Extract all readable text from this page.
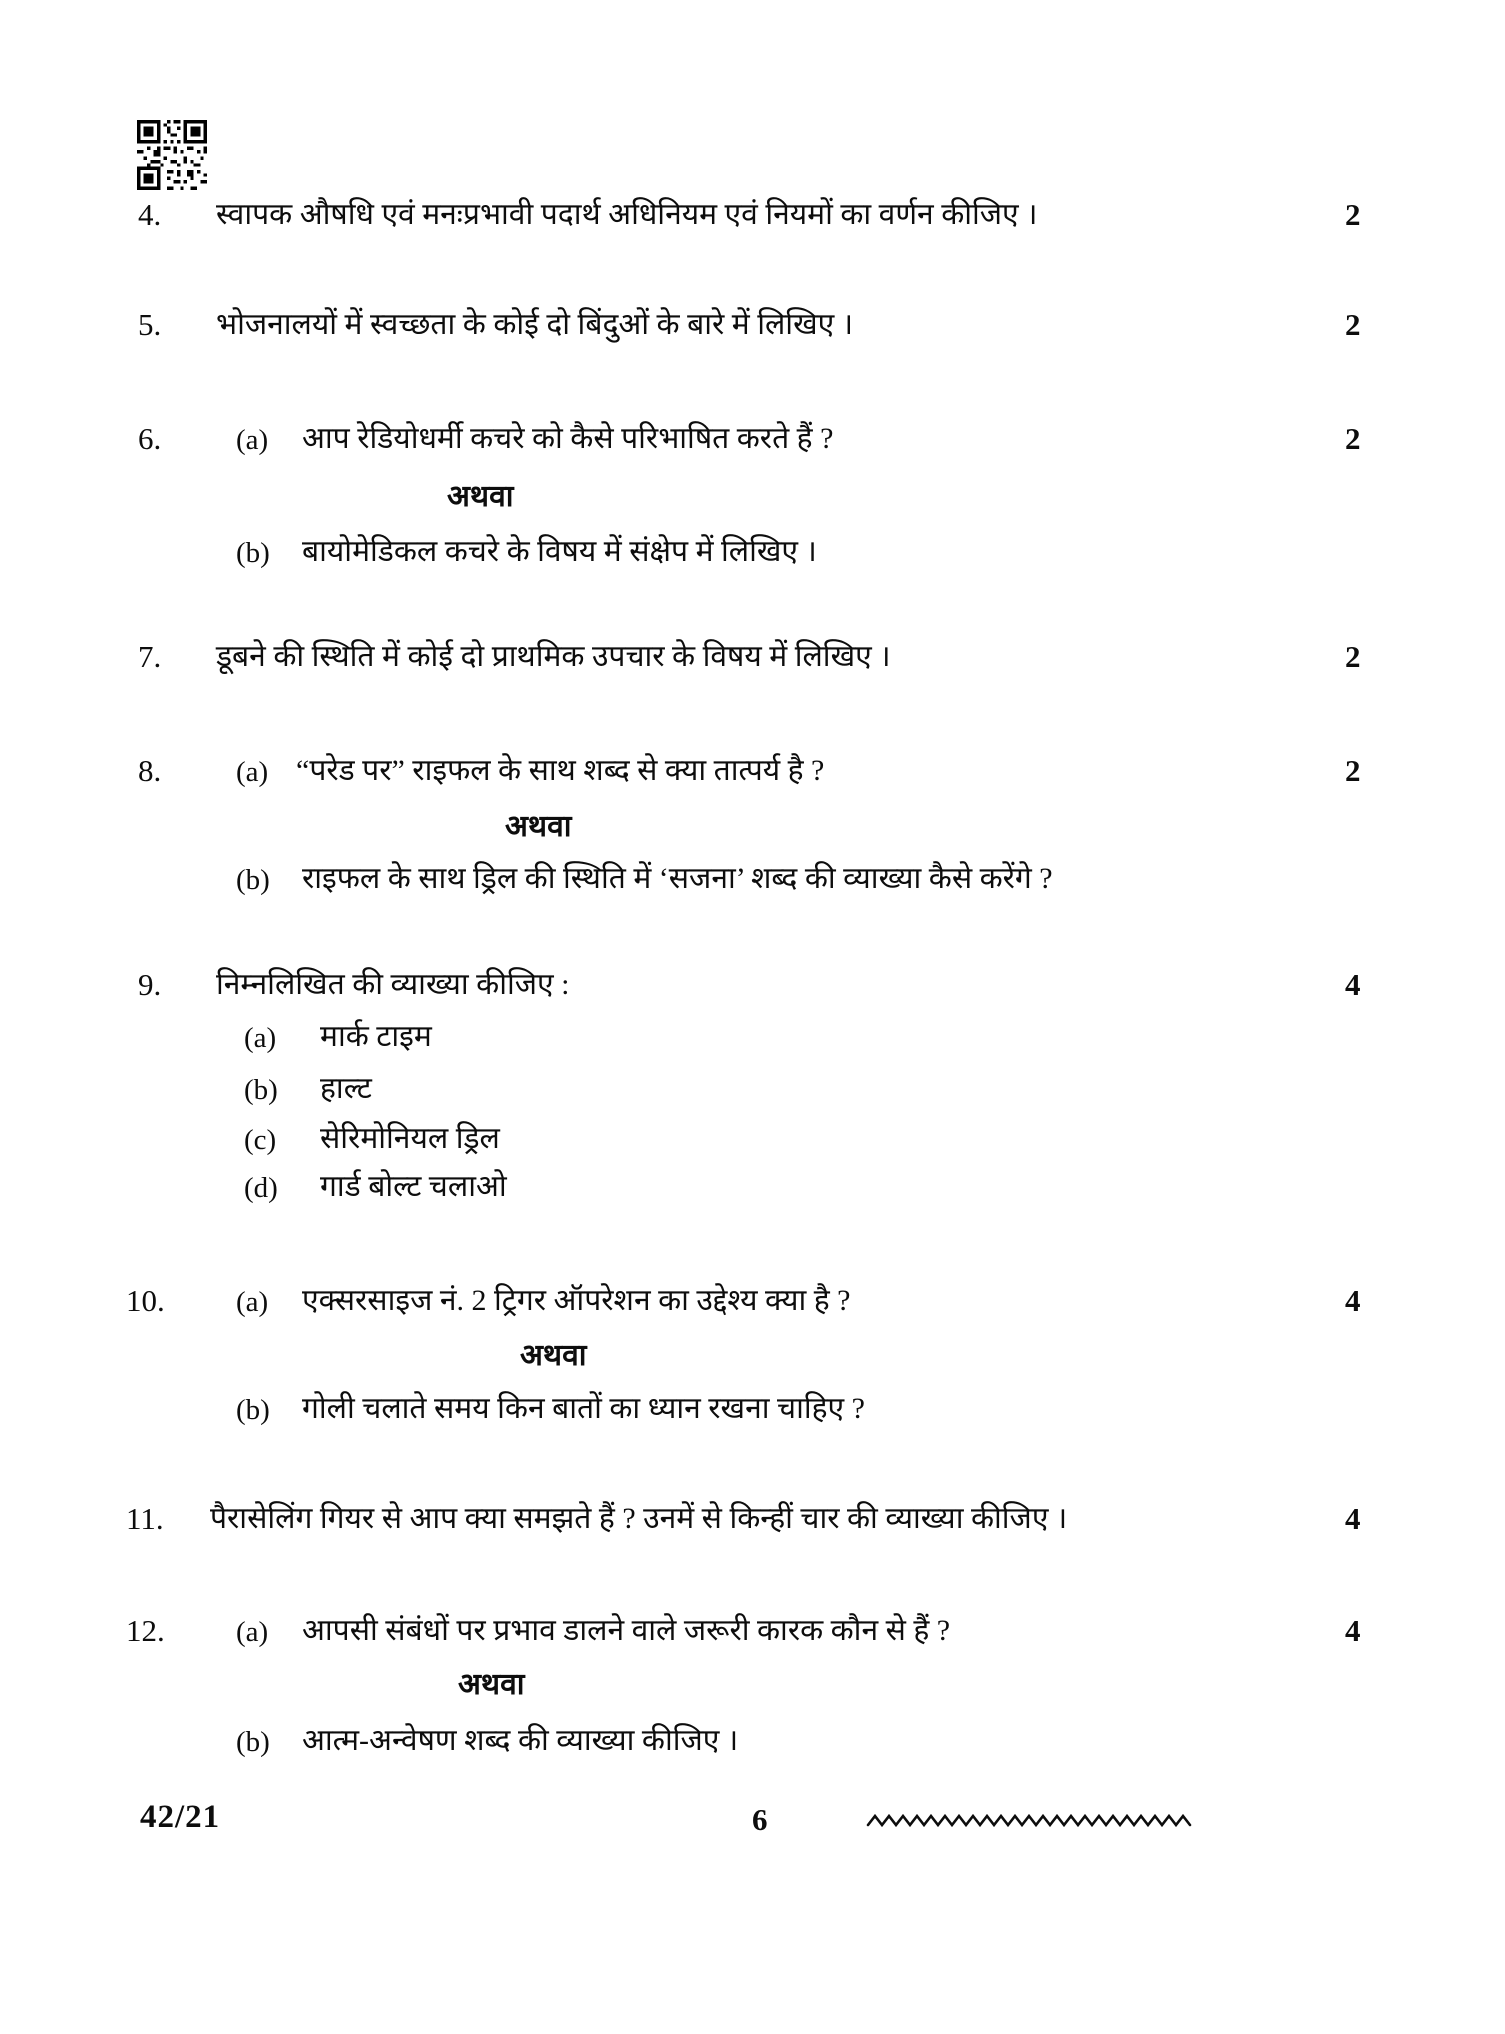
4. स्वापक औषधि एवं मनःप्रभावी पदार्थ अधिनियम एवं नियमों का वर्णन कीजिए ।	2
5. भोजनालयों में स्वच्छता के कोई दो बिंदुओं के बारे में लिखिए ।	2
6.	(a) आप रेडियोधर्मी कचरे को कैसे परिभाषित करते हैं ?	2
अथवा
(b) बायोमेडिकल कचरे के विषय में संक्षेप में लिखिए ।
7. डूबने की स्थिति में कोई दो प्राथमिक उपचार के विषय में लिखिए ।	2
8.	(a) “परेड पर” राइफल के साथ शब्द से क्या तात्पर्य है ?	2
अथवा
(b) राइफल के साथ ड्रिल की स्थिति में ‘सजना’ शब्द की व्याख्या कैसे करेंगे ?
9. निम्नलिखित की व्याख्या कीजिए :	4
(a) मार्क टाइम
(b) हाल्ट
(c) सेरिमोनियल ड्रिल
(d) गार्ड बोल्ट चलाओ
10. (a) एक्सरसाइज नं. 2 ट्रिगर ऑपरेशन का उद्देश्य क्या है ?	4
अथवा
(b) गोली चलाते समय किन बातों का ध्यान रखना चाहिए ?
11. पैरासेलिंग गियर से आप क्या समझते हैं ? उनमें से किन्हीं चार की व्याख्या कीजिए ।	4
12. (a) आपसी संबंधों पर प्रभाव डालने वाले जरूरी कारक कौन से हैं ?	4
अथवा
(b) आत्म-अन्वेषण शब्द की व्याख्या कीजिए ।
42/21	6
